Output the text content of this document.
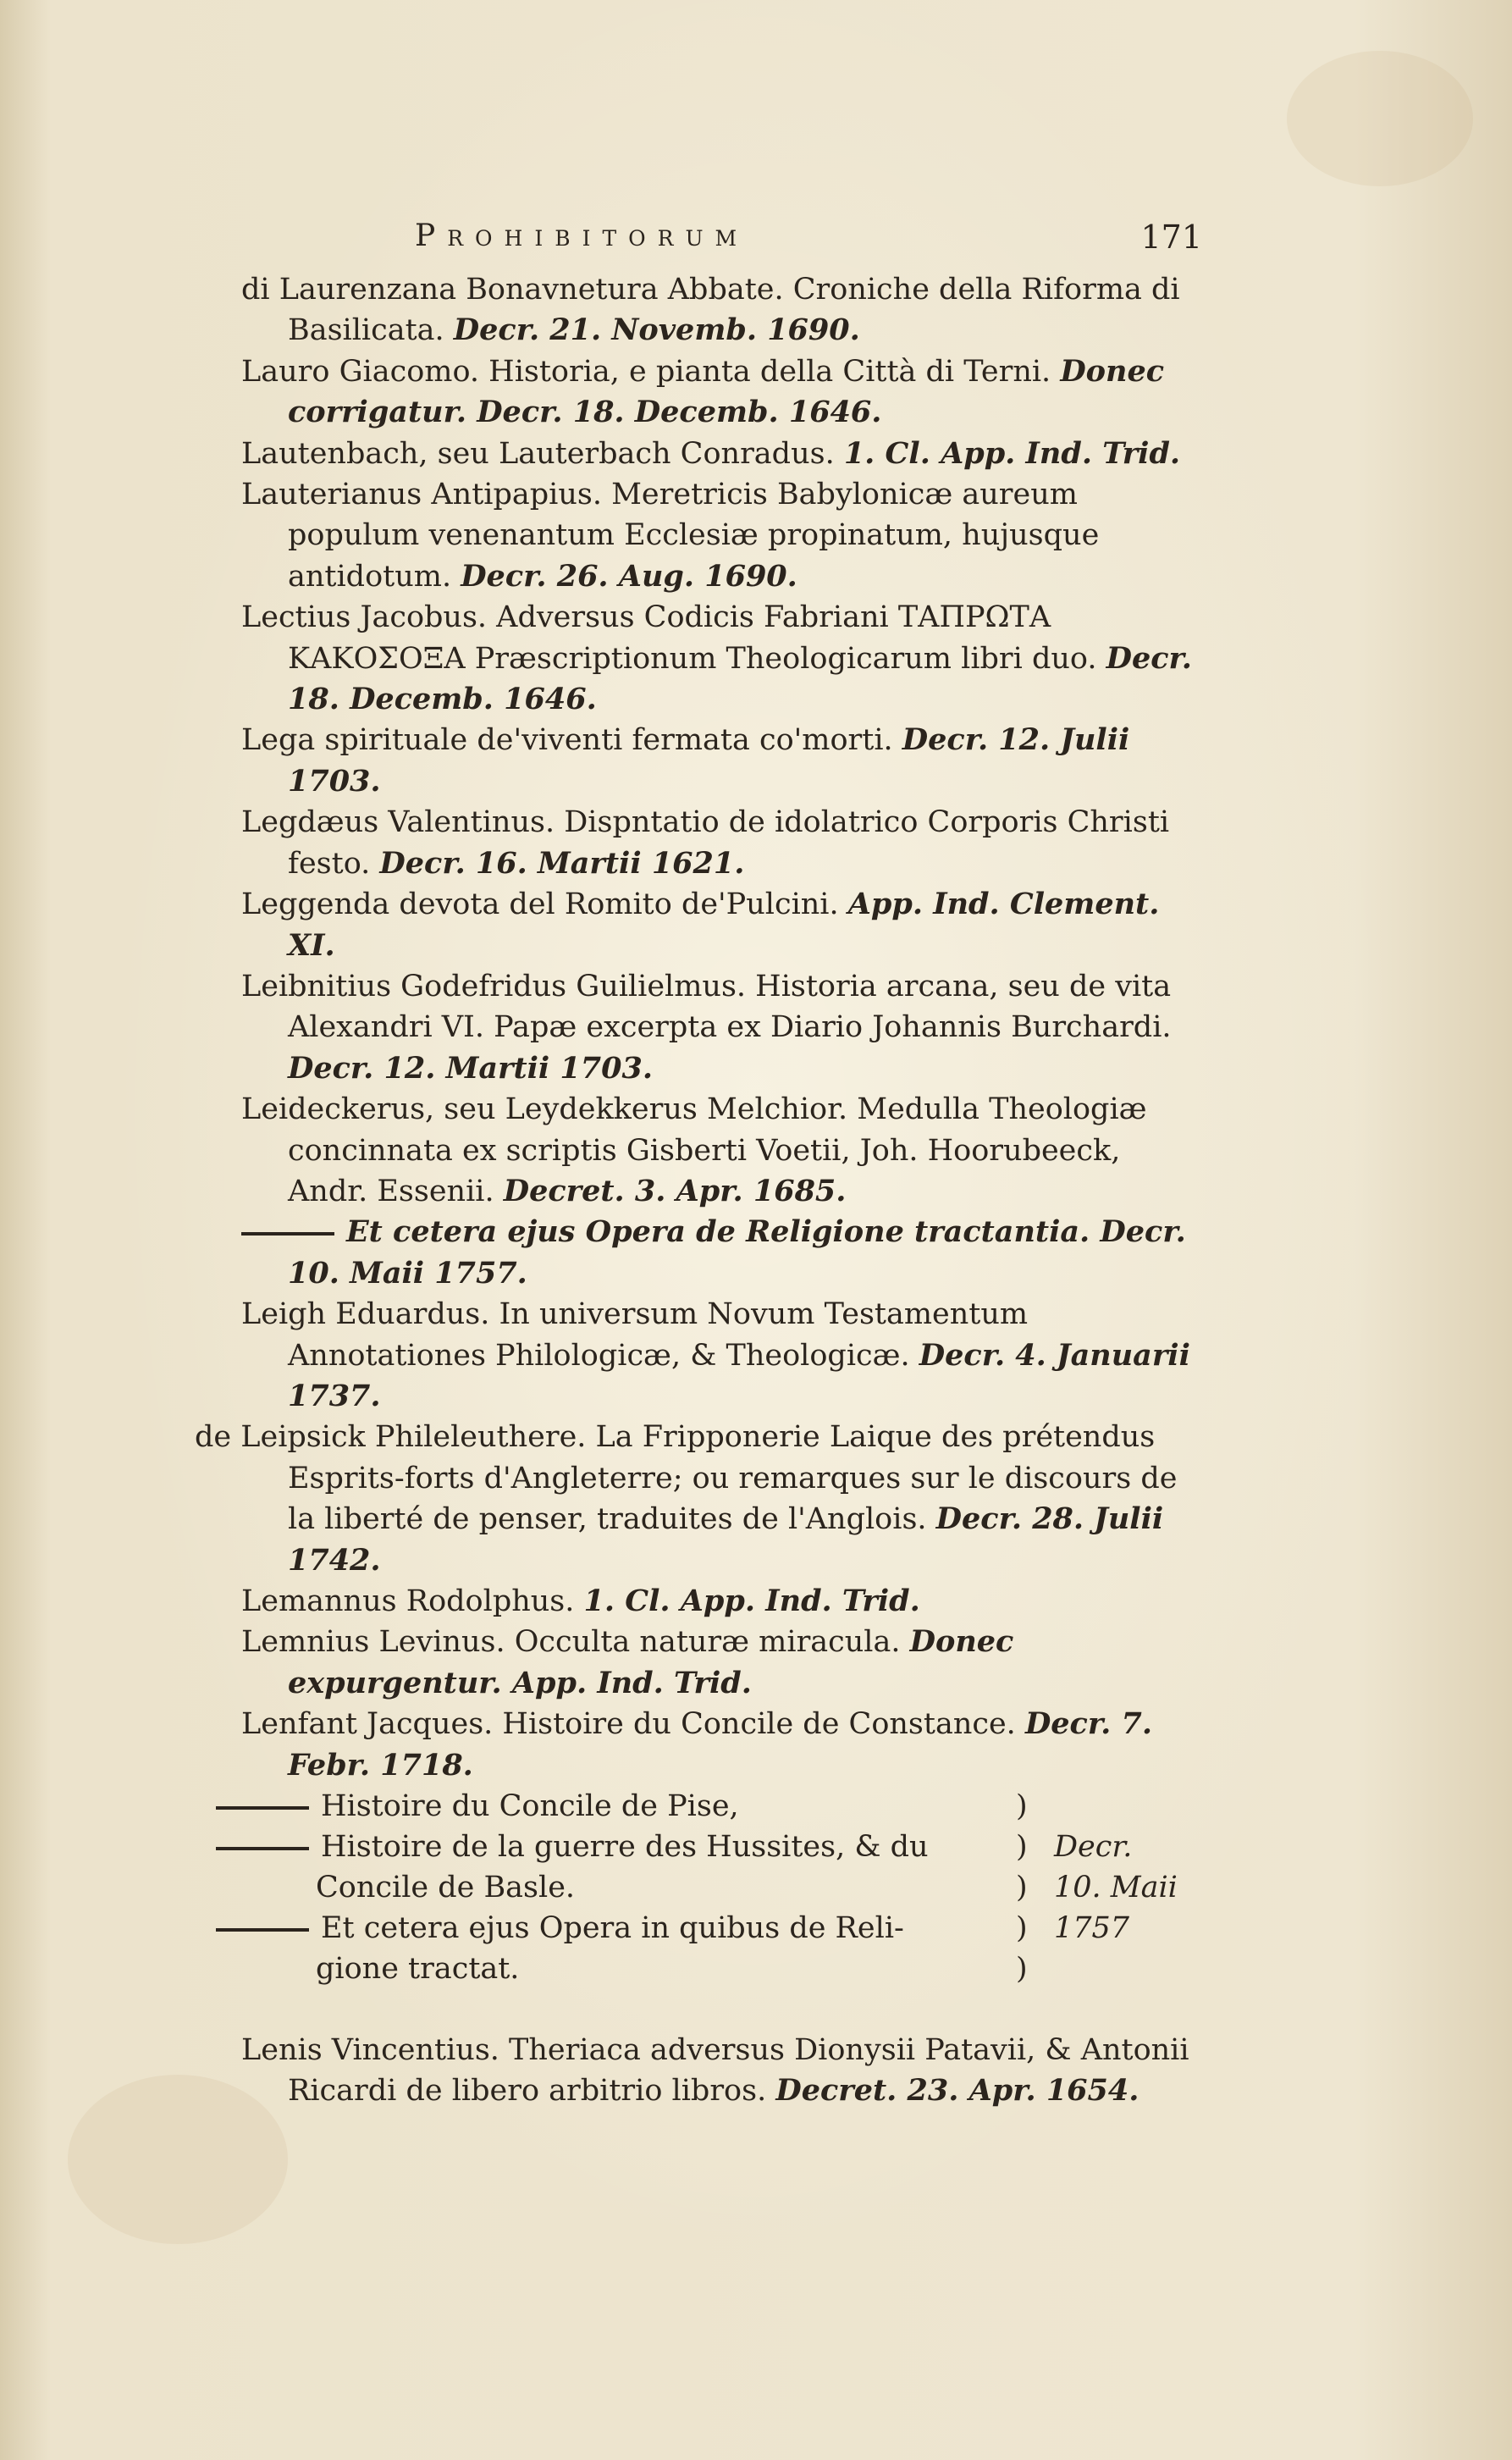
Prohibitorum	171

di Laurenzana Bonavnetura Abbate. Croniche della Riforma di Basilicata. Decr. 21. Novemb. 1690.

Lauro Giacomo. Historia, e pianta della Città di Terni. Donec corrigatur. Decr. 18. Decemb. 1646.

Lautenbach, seu Lauterbach Conradus. 1. Cl. App. Ind. Trid.

Lauterianus Antipapius. Meretricis Babylonicæ aureum populum venenantum Ecclesiæ propinatum, hujusque antidotum. Decr. 26. Aug. 1690.

Lectius Jacobus. Adversus Codicis Fabriani ΤΑΠΡΩΤΑ ΚΑΚΟΣΟΞΑ Præscriptionum Theologicarum libri duo. Decr. 18. Decemb. 1646.

Lega spirituale de'viventi fermata co'morti. Decr. 12. Julii 1703.

Legdæus Valentinus. Dispntatio de idolatrico Corporis Christi festo. Decr. 16. Martii 1621.

Leggenda devota del Romito de'Pulcini. App. Ind. Clement. XI.

Leibnitius Godefridus Guilielmus. Historia arcana, seu de vita Alexandri VI. Papæ excerpta ex Diario Johannis Burchardi. Decr. 12. Martii 1703.

Leideckerus, seu Leydekkerus Melchior. Medulla Theologiæ concinnata ex scriptis Gisberti Voetii, Joh. Hoorubeeck, Andr. Essenii. Decret. 3. Apr. 1685.

Et cetera ejus Opera de Religione tractantia. Decr. 10. Maii 1757.

Leigh Eduardus. In universum Novum Testamentum Annotationes Philologicæ, & Theologicæ. Decr. 4. Januarii 1737.

de Leipsick Phileleuthere. La Fripponerie Laique des prétendus Esprits-forts d'Angleterre; ou remarques sur le discours de la liberté de penser, traduites de l'Anglois. Decr. 28. Julii 1742.

Lemannus Rodolphus. 1. Cl. App. Ind. Trid.

Lemnius Levinus. Occulta naturæ miracula. Donec expurgentur. App. Ind. Trid.

Lenfant Jacques. Histoire du Concile de Constance. Decr. 7. Febr. 1718.

Histoire du Concile de Pise,
Histoire de la guerre des Hussites, & du
Concile de Basle.
Et cetera ejus Opera in quibus de Reli-
gione tractat.
)
)
)
)
)
Decr.
10. Maii
1757

Lenis Vincentius. Theriaca adversus Dionysii Patavii, & Antonii Ricardi de libero arbitrio libros. Decret. 23. Apr. 1654.
